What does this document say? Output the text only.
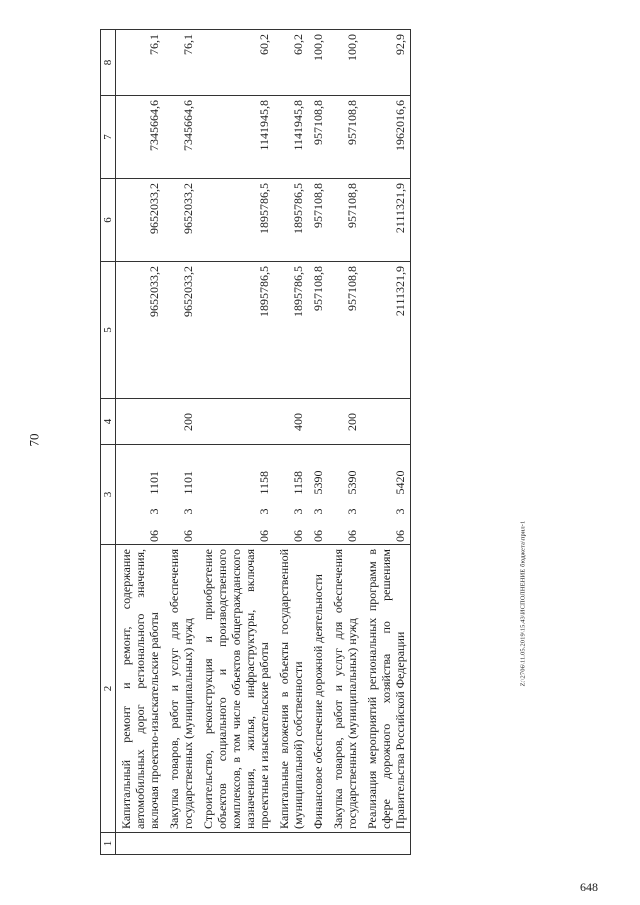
70
Z:\2706\11.05.2019\15.43\ИСПОЛНЕНИЕ бюджета\прил-1
648
1	2	3			4	5	6	7	8
	Капитальный ремонт и ремонт, содержание автомобильных дорог регионального значения, включая проектно-изыскательские работы	06	3	1101		9652033,2	9652033,2	7345664,6	76,1
	Закупка товаров, работ и услуг для обеспечения государственных (муниципальных) нужд	06	3	1101	200	9652033,2	9652033,2	7345664,6	76,1
	Строительство, реконструкция и приобретение объектов социального и производственного комплексов, в том числе объектов общегражданского назначения, жилья, инфраструктуры, включая проектные и изыскательские работы	06	3	1158		1895786,5	1895786,5	1141945,8	60,2
	Капитальные вложения в объекты государственной (муниципальной) собственности	06	3	1158	400	1895786,5	1895786,5	1141945,8	60,2
	Финансовое обеспечение дорожной деятельности	06	3	5390		957108,8	957108,8	957108,8	100,0
	Закупка товаров, работ и услуг для обеспечения государственных (муниципальных) нужд	06	3	5390	200	957108,8	957108,8	957108,8	100,0
	Реализация мероприятий региональных программ в сфере дорожного хозяйства по решениям Правительства Российской Федерации	06	3	5420		2111321,9	2111321,9	1962016,6	92,9
